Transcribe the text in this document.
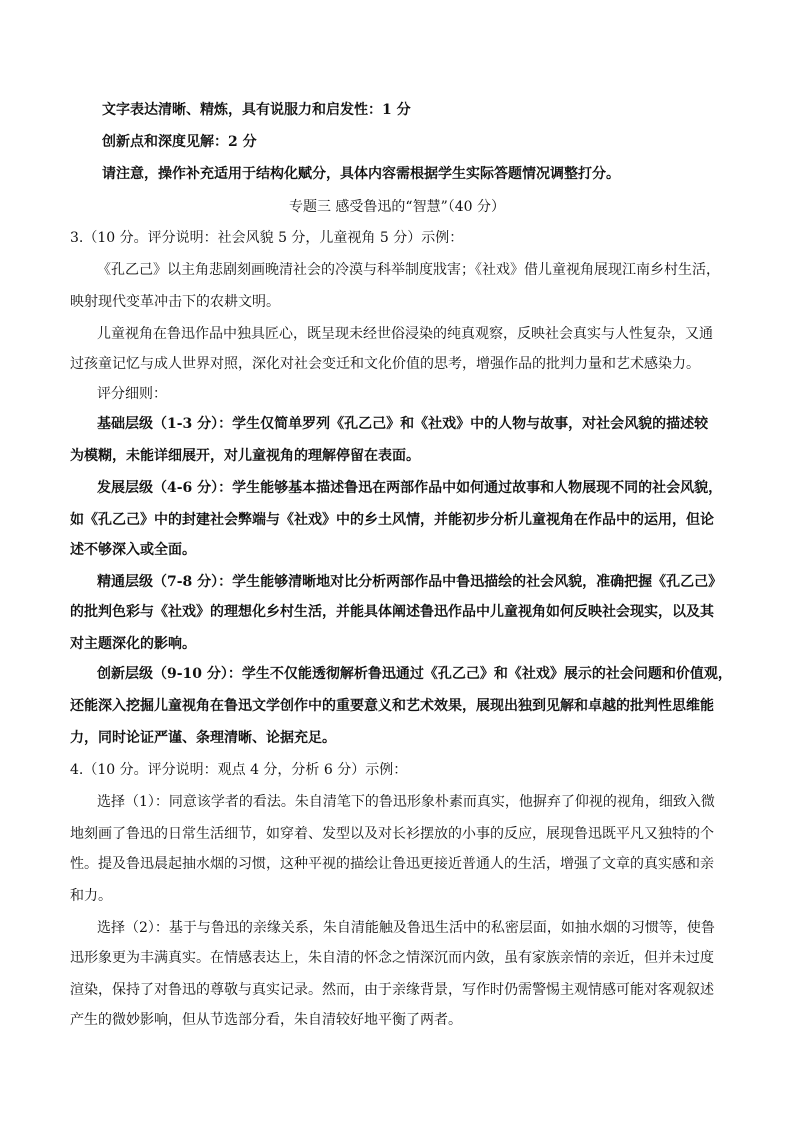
文字表达清晰、精炼，具有说服力和启发性：1 分
创新点和深度见解：2 分
请注意，操作补充适用于结构化赋分，具体内容需根据学生实际答题情况调整打分。
专题三 感受鲁迅的“智慧”（40 分）
3.（10 分。评分说明：社会风貌 5 分，儿童视角 5 分）示例：
《孔乙己》以主角悲剧刻画晚清社会的冷漠与科举制度戕害；《社戏》借儿童视角展现江南乡村生活，
映射现代变革冲击下的农耕文明。
儿童视角在鲁迅作品中独具匠心，既呈现未经世俗浸染的纯真观察，反映社会真实与人性复杂，又通
过孩童记忆与成人世界对照，深化对社会变迁和文化价值的思考，增强作品的批判力量和艺术感染力。
评分细则：
基础层级（1-3 分）：学生仅简单罗列《孔乙己》和《社戏》中的人物与故事，对社会风貌的描述较
为模糊，未能详细展开，对儿童视角的理解停留在表面。
发展层级（4-6 分）：学生能够基本描述鲁迅在两部作品中如何通过故事和人物展现不同的社会风貌，
如《孔乙己》中的封建社会弊端与《社戏》中的乡土风情，并能初步分析儿童视角在作品中的运用，但论
述不够深入或全面。
精通层级（7-8 分）：学生能够清晰地对比分析两部作品中鲁迅描绘的社会风貌，准确把握《孔乙己》
的批判色彩与《社戏》的理想化乡村生活，并能具体阐述鲁迅作品中儿童视角如何反映社会现实，以及其
对主题深化的影响。
创新层级（9-10 分）：学生不仅能透彻解析鲁迅通过《孔乙己》和《社戏》展示的社会问题和价值观，
还能深入挖掘儿童视角在鲁迅文学创作中的重要意义和艺术效果，展现出独到见解和卓越的批判性思维能
力，同时论证严谨、条理清晰、论据充足。
4.（10 分。评分说明：观点 4 分，分析 6 分）示例：
选择（1）：同意该学者的看法。朱自清笔下的鲁迅形象朴素而真实，他摒弃了仰视的视角，细致入微
地刻画了鲁迅的日常生活细节，如穿着、发型以及对长衫摆放的小事的反应，展现鲁迅既平凡又独特的个
性。提及鲁迅晨起抽水烟的习惯，这种平视的描绘让鲁迅更接近普通人的生活，增强了文章的真实感和亲
和力。
选择（2）：基于与鲁迅的亲缘关系，朱自清能触及鲁迅生活中的私密层面，如抽水烟的习惯等，使鲁
迅形象更为丰满真实。在情感表达上，朱自清的怀念之情深沉而内敛，虽有家族亲情的亲近，但并未过度
渲染，保持了对鲁迅的尊敬与真实记录。然而，由于亲缘背景，写作时仍需警惕主观情感可能对客观叙述
产生的微妙影响，但从节选部分看，朱自清较好地平衡了两者。
